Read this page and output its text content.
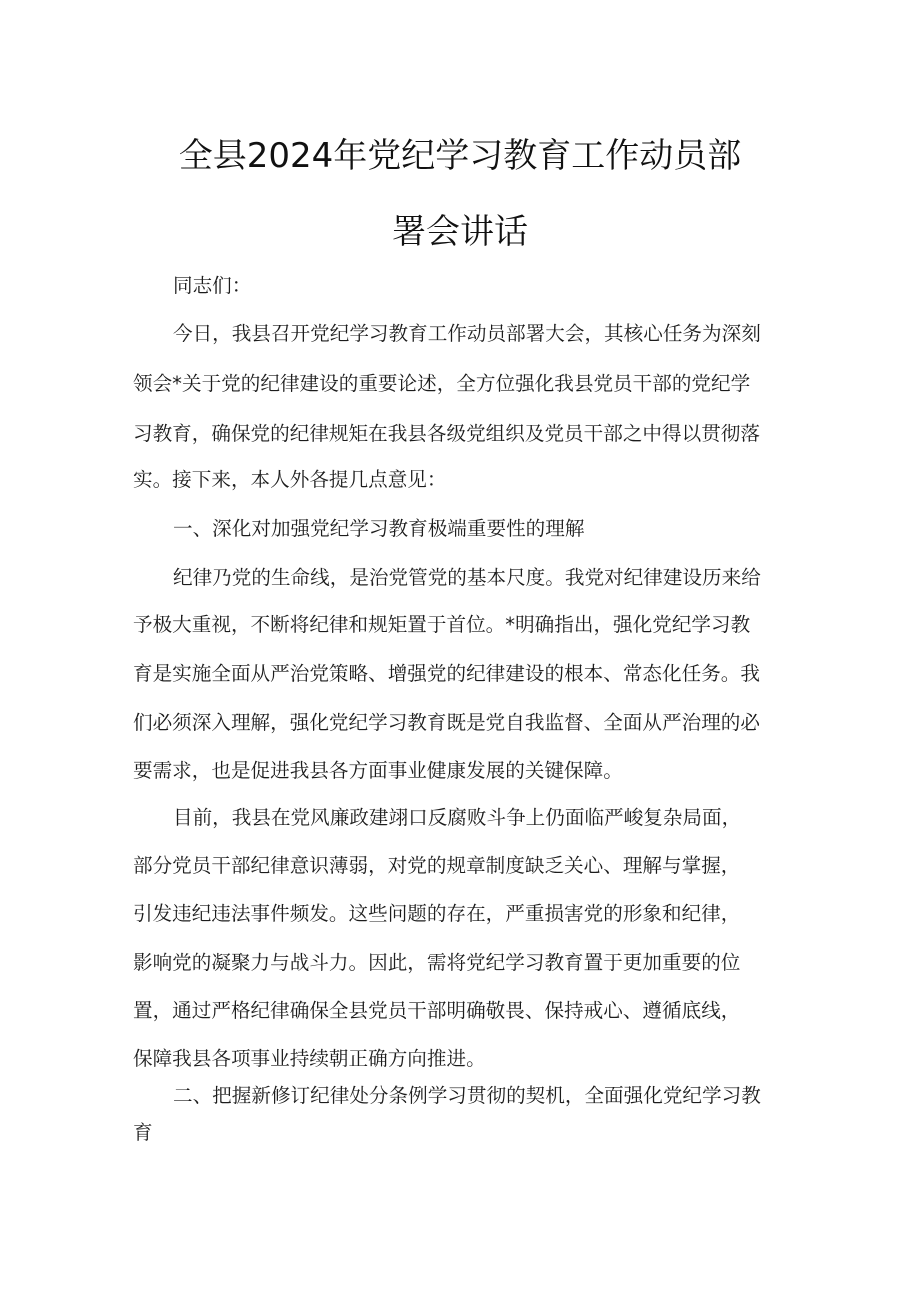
全县2024年党纪学习教育工作动员部
署会讲话
同志们：
今日，我县召开党纪学习教育工作动员部署大会，其核心任务为深刻
领会*关于党的纪律建设的重要论述，全方位强化我县党员干部的党纪学
习教育，确保党的纪律规矩在我县各级党组织及党员干部之中得以贯彻落
实。接下来，本人外各提几点意见：
一、深化对加强党纪学习教育极端重要性的理解
纪律乃党的生命线，是治党管党的基本尺度。我党对纪律建设历来给
予极大重视，不断将纪律和规矩置于首位。*明确指出，强化党纪学习教
育是实施全面从严治党策略、增强党的纪律建设的根本、常态化任务。我
们必须深入理解，强化党纪学习教育既是党自我监督、全面从严治理的必
要需求，也是促进我县各方面事业健康发展的关键保障。
目前，我县在党风廉政建翊口反腐败斗争上仍面临严峻复杂局面，
部分党员干部纪律意识薄弱，对党的规章制度缺乏关心、理解与掌握，
引发违纪违法事件频发。这些问题的存在，严重损害党的形象和纪律，
影响党的凝聚力与战斗力。因此，需将党纪学习教育置于更加重要的位
置，通过严格纪律确保全县党员干部明确敬畏、保持戒心、遵循底线，
保障我县各项事业持续朝正确方向推进。
二、把握新修订纪律处分条例学习贯彻的契机，全面强化党纪学习教
育
